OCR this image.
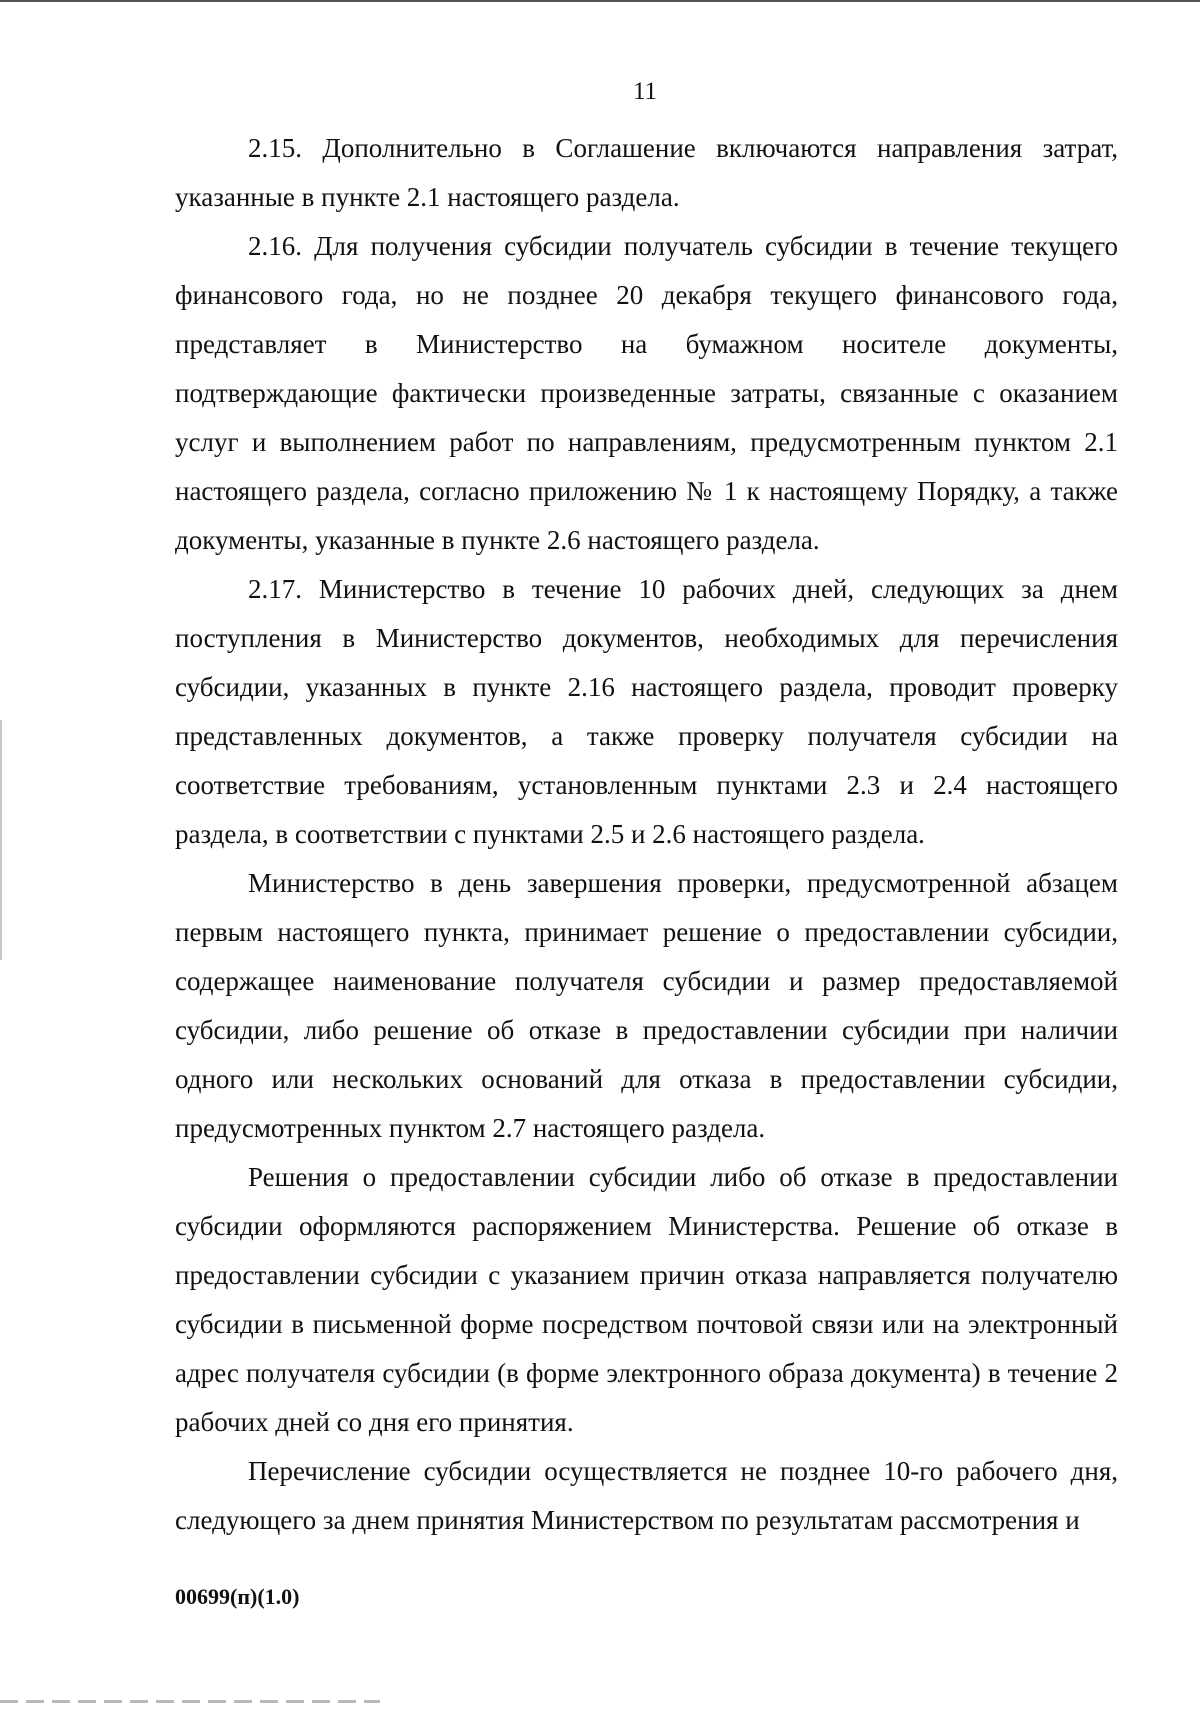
11

2.15. Дополнительно в Соглашение включаются направления затрат, указанные в пункте 2.1 настоящего раздела.

2.16. Для получения субсидии получатель субсидии в течение текущего финансового года, но не позднее 20 декабря текущего финансового года, представляет в Министерство на бумажном носителе документы, подтверждающие фактически произведенные затраты, связанные с оказанием услуг и выполнением работ по направлениям, предусмотренным пунктом 2.1 настоящего раздела, согласно приложению № 1 к настоящему Порядку, а также документы, указанные в пункте 2.6 настоящего раздела.

2.17. Министерство в течение 10 рабочих дней, следующих за днем поступления в Министерство документов, необходимых для перечисления субсидии, указанных в пункте 2.16 настоящего раздела, проводит проверку представленных документов, а также проверку получателя субсидии на соответствие требованиям, установленным пунктами 2.3 и 2.4 настоящего раздела, в соответствии с пунктами 2.5 и 2.6 настоящего раздела.

Министерство в день завершения проверки, предусмотренной абзацем первым настоящего пункта, принимает решение о предоставлении субсидии, содержащее наименование получателя субсидии и размер предоставляемой субсидии, либо решение об отказе в предоставлении субсидии при наличии одного или нескольких оснований для отказа в предоставлении субсидии, предусмотренных пунктом 2.7 настоящего раздела.

Решения о предоставлении субсидии либо об отказе в предоставлении субсидии оформляются распоряжением Министерства. Решение об отказе в предоставлении субсидии с указанием причин отказа направляется получателю субсидии в письменной форме посредством почтовой связи или на электронный адрес получателя субсидии (в форме электронного образа документа) в течение 2 рабочих дней со дня его принятия.

Перечисление субсидии осуществляется не позднее 10-го рабочего дня, следующего за днем принятия Министерством по результатам рассмотрения и

00699(п)(1.0)
